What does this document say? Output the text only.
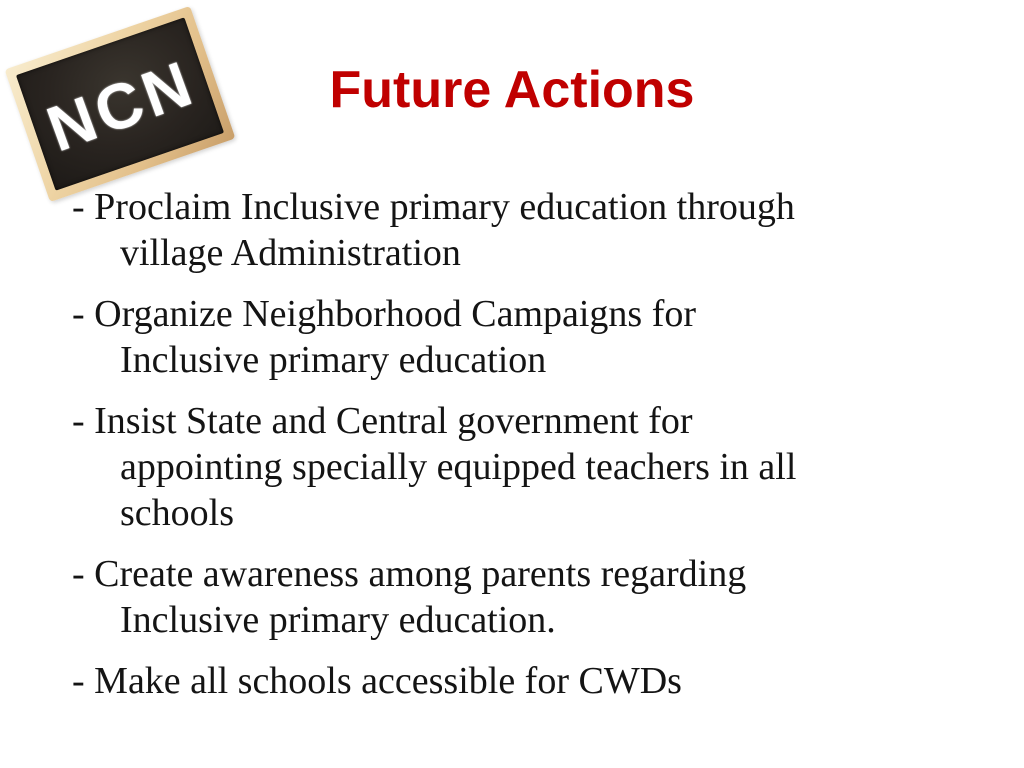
NCN	Future Actions
- Proclaim Inclusive primary education through
village Administration
- Organize Neighborhood Campaigns for
Inclusive primary education
- Insist State and Central government for
appointing specially equipped teachers in all
schools
- Create awareness among parents regarding
Inclusive primary education.
- Make all schools accessible for CWDs
